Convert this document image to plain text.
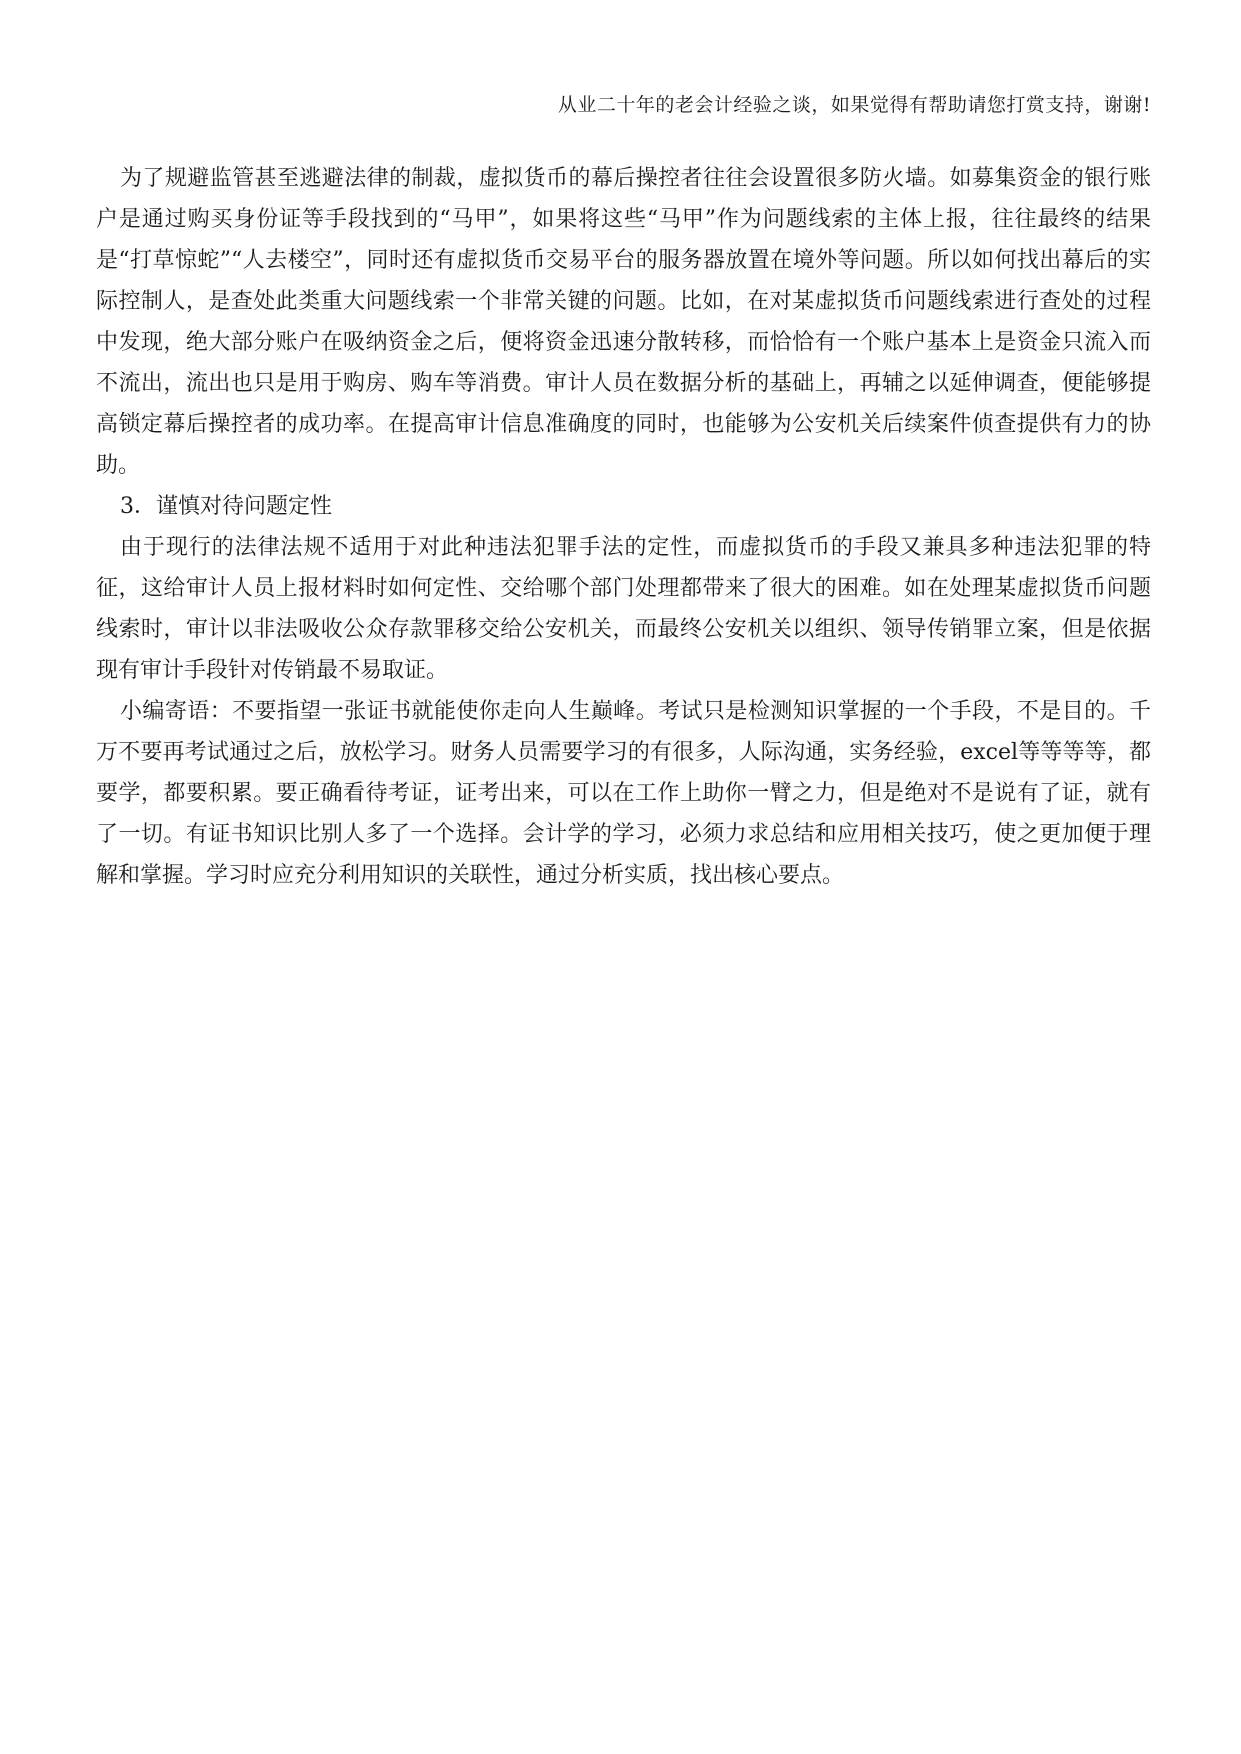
从业二十年的老会计经验之谈，如果觉得有帮助请您打赏支持，谢谢!

为了规避监管甚至逃避法律的制裁，虚拟货币的幕后操控者往往会设置很多防火墙。如募集资金的银行账户是通过购买身份证等手段找到的“马甲”，如果将这些“马甲”作为问题线索的主体上报，往往最终的结果是“打草惊蛇”“人去楼空”，同时还有虚拟货币交易平台的服务器放置在境外等问题。所以如何找出幕后的实际控制人，是查处此类重大问题线索一个非常关键的问题。比如，在对某虚拟货币问题线索进行查处的过程中发现，绝大部分账户在吸纳资金之后，便将资金迅速分散转移，而恰恰有一个账户基本上是资金只流入而不流出，流出也只是用于购房、购车等消费。审计人员在数据分析的基础上，再辅之以延伸调查，便能够提高锁定幕后操控者的成功率。在提高审计信息准确度的同时，也能够为公安机关后续案件侦查提供有力的协助。

3．谨慎对待问题定性

由于现行的法律法规不适用于对此种违法犯罪手法的定性，而虚拟货币的手段又兼具多种违法犯罪的特征，这给审计人员上报材料时如何定性、交给哪个部门处理都带来了很大的困难。如在处理某虚拟货币问题线索时，审计以非法吸收公众存款罪移交给公安机关，而最终公安机关以组织、领导传销罪立案，但是依据现有审计手段针对传销最不易取证。

小编寄语：不要指望一张证书就能使你走向人生巅峰。考试只是检测知识掌握的一个手段，不是目的。千万不要再考试通过之后，放松学习。财务人员需要学习的有很多，人际沟通，实务经验，excel等等等等，都要学，都要积累。要正确看待考证，证考出来，可以在工作上助你一臂之力，但是绝对不是说有了证，就有了一切。有证书知识比别人多了一个选择。会计学的学习，必须力求总结和应用相关技巧，使之更加便于理解和掌握。学习时应充分利用知识的关联性，通过分析实质，找出核心要点。
